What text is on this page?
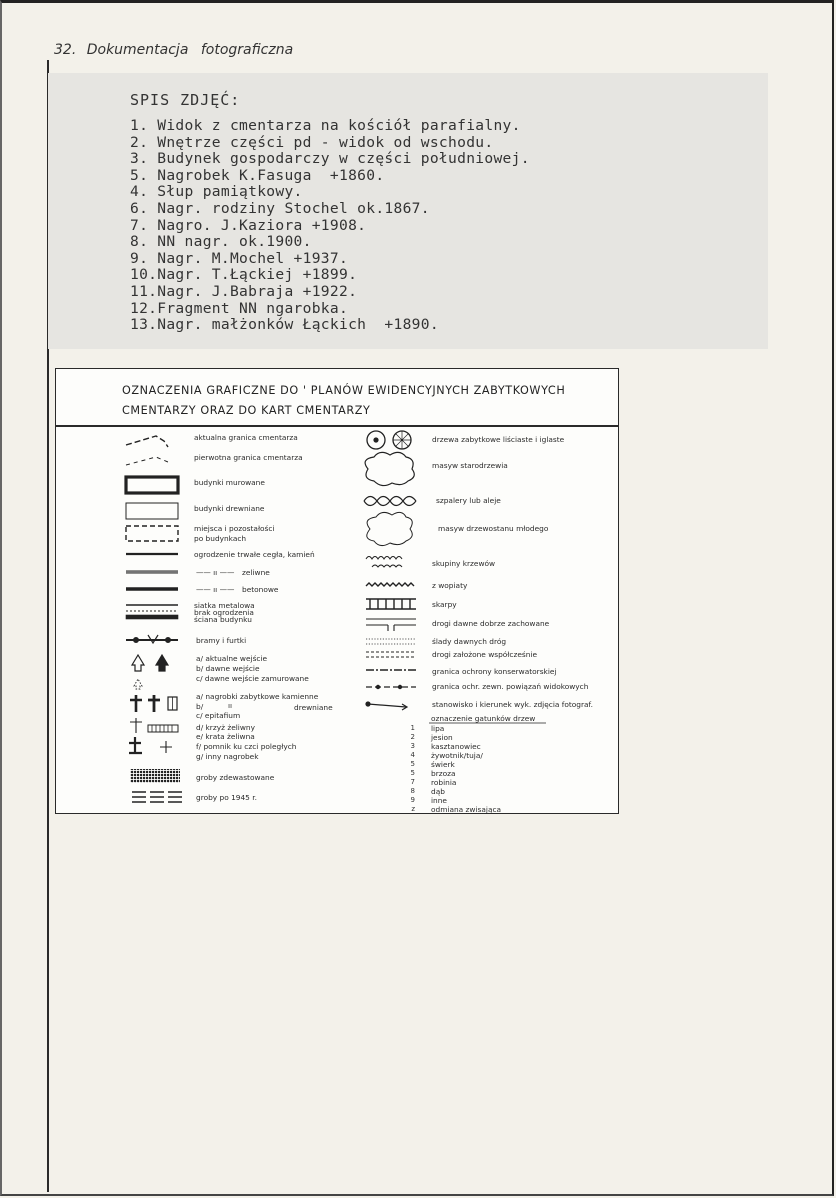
32. Dokumentacja fotograficzna
SPIS ZDJĘĆ:
1. Widok z cmentarza na kościół parafialny.
2. Wnętrze części pd - widok od wschodu.
3. Budynek gospodarczy w części południowej.
5. Nagrobek K.Fasuga  +1860.
4. Słup pamiątkowy.
6. Nagr. rodziny Stochel ok.1867.
7. Nagro. J.Kaziora +1908.
8. NN nagr. ok.1900.
9. Nagr. M.Mochel +1937.
10.Nagr. T.Łąckiej +1899.
11.Nagr. J.Babraja +1922.
12.Fragment NN ngarobka.
13.Nagr. małżonków Łąckich  +1890.
OZNACZENIA GRAFICZNE DO ' PLANÓW EWIDENCYJNYCH ZABYTKOWYCH
CMENTARZY ORAZ DO KART CMENTARZY
aktualna granica cmentarza
pierwotna granica cmentarza
budynki murowane
budynki drewniane
miejsca i pozostałości
po budynkach
ogrodzenie trwałe cegła, kamień
—— ıı —— zeliwne
—— ıı —— betonowe
siatka metalowa
brak ogrodzenia
ściana budynku
bramy i furtki
a/ aktualne wejście
b/ dawne wejście
c/ dawne wejście zamurowane
a/ nagrobki zabytkowe kamienne
b/	ıı	drewniane
c/ epitafium
d/ krzyż żeliwny
e/ krata żeliwna
f/ pomnik ku czci poległych
g/ inny nagrobek
groby zdewastowane
groby po 1945 r.
drzewa zabytkowe liściaste i iglaste
masyw starodrzewia
szpalery lub aleje
masyw drzewostanu młodego
skupiny krzewów
z wopiaty
skarpy
drogi dawne dobrze zachowane
ślady dawnych dróg
drogi założone współcześnie
granica ochrony konserwatorskiej
granica ochr. zewn. powiązań widokowych
stanowisko i kierunek wyk. zdjęcia fotograf.
oznaczenie gatunków drzew
1 lipa
2 jesion
3 kasztanowiec
4 żywotnik/tuja/
5 świerk
5 brzoza
7 robinia
8 dąb
9 inne
z odmiana zwisająca
